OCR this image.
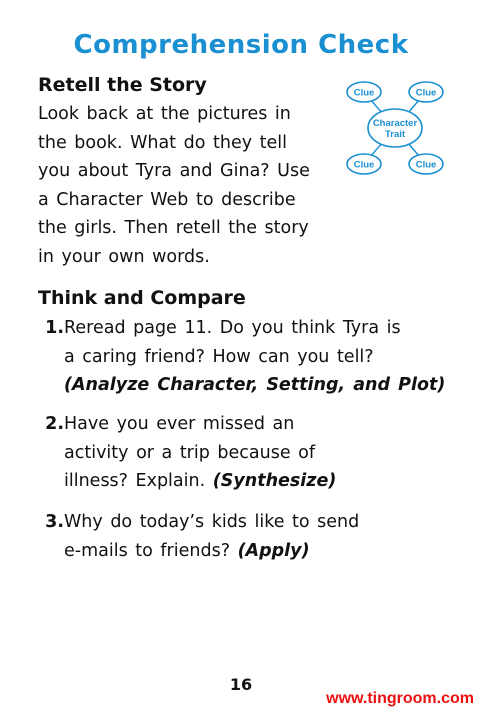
Comprehension Check
Retell the Story
Look back at the pictures in
the book. What do they tell
you about Tyra and Gina? Use
a Character Web to describe
the girls. Then retell the story
in your own words.
Clue	Clue
Clue	Clue
Character
Trait
Think and Compare
1. Reread page 11. Do you think Tyra is
a caring friend? How can you tell?
(Analyze Character, Setting, and Plot)
2. Have you ever missed an
activity or a trip because of
illness? Explain. (Synthesize)
3. Why do today’s kids like to send
e-mails to friends? (Apply)
16
www.tingroom.com
